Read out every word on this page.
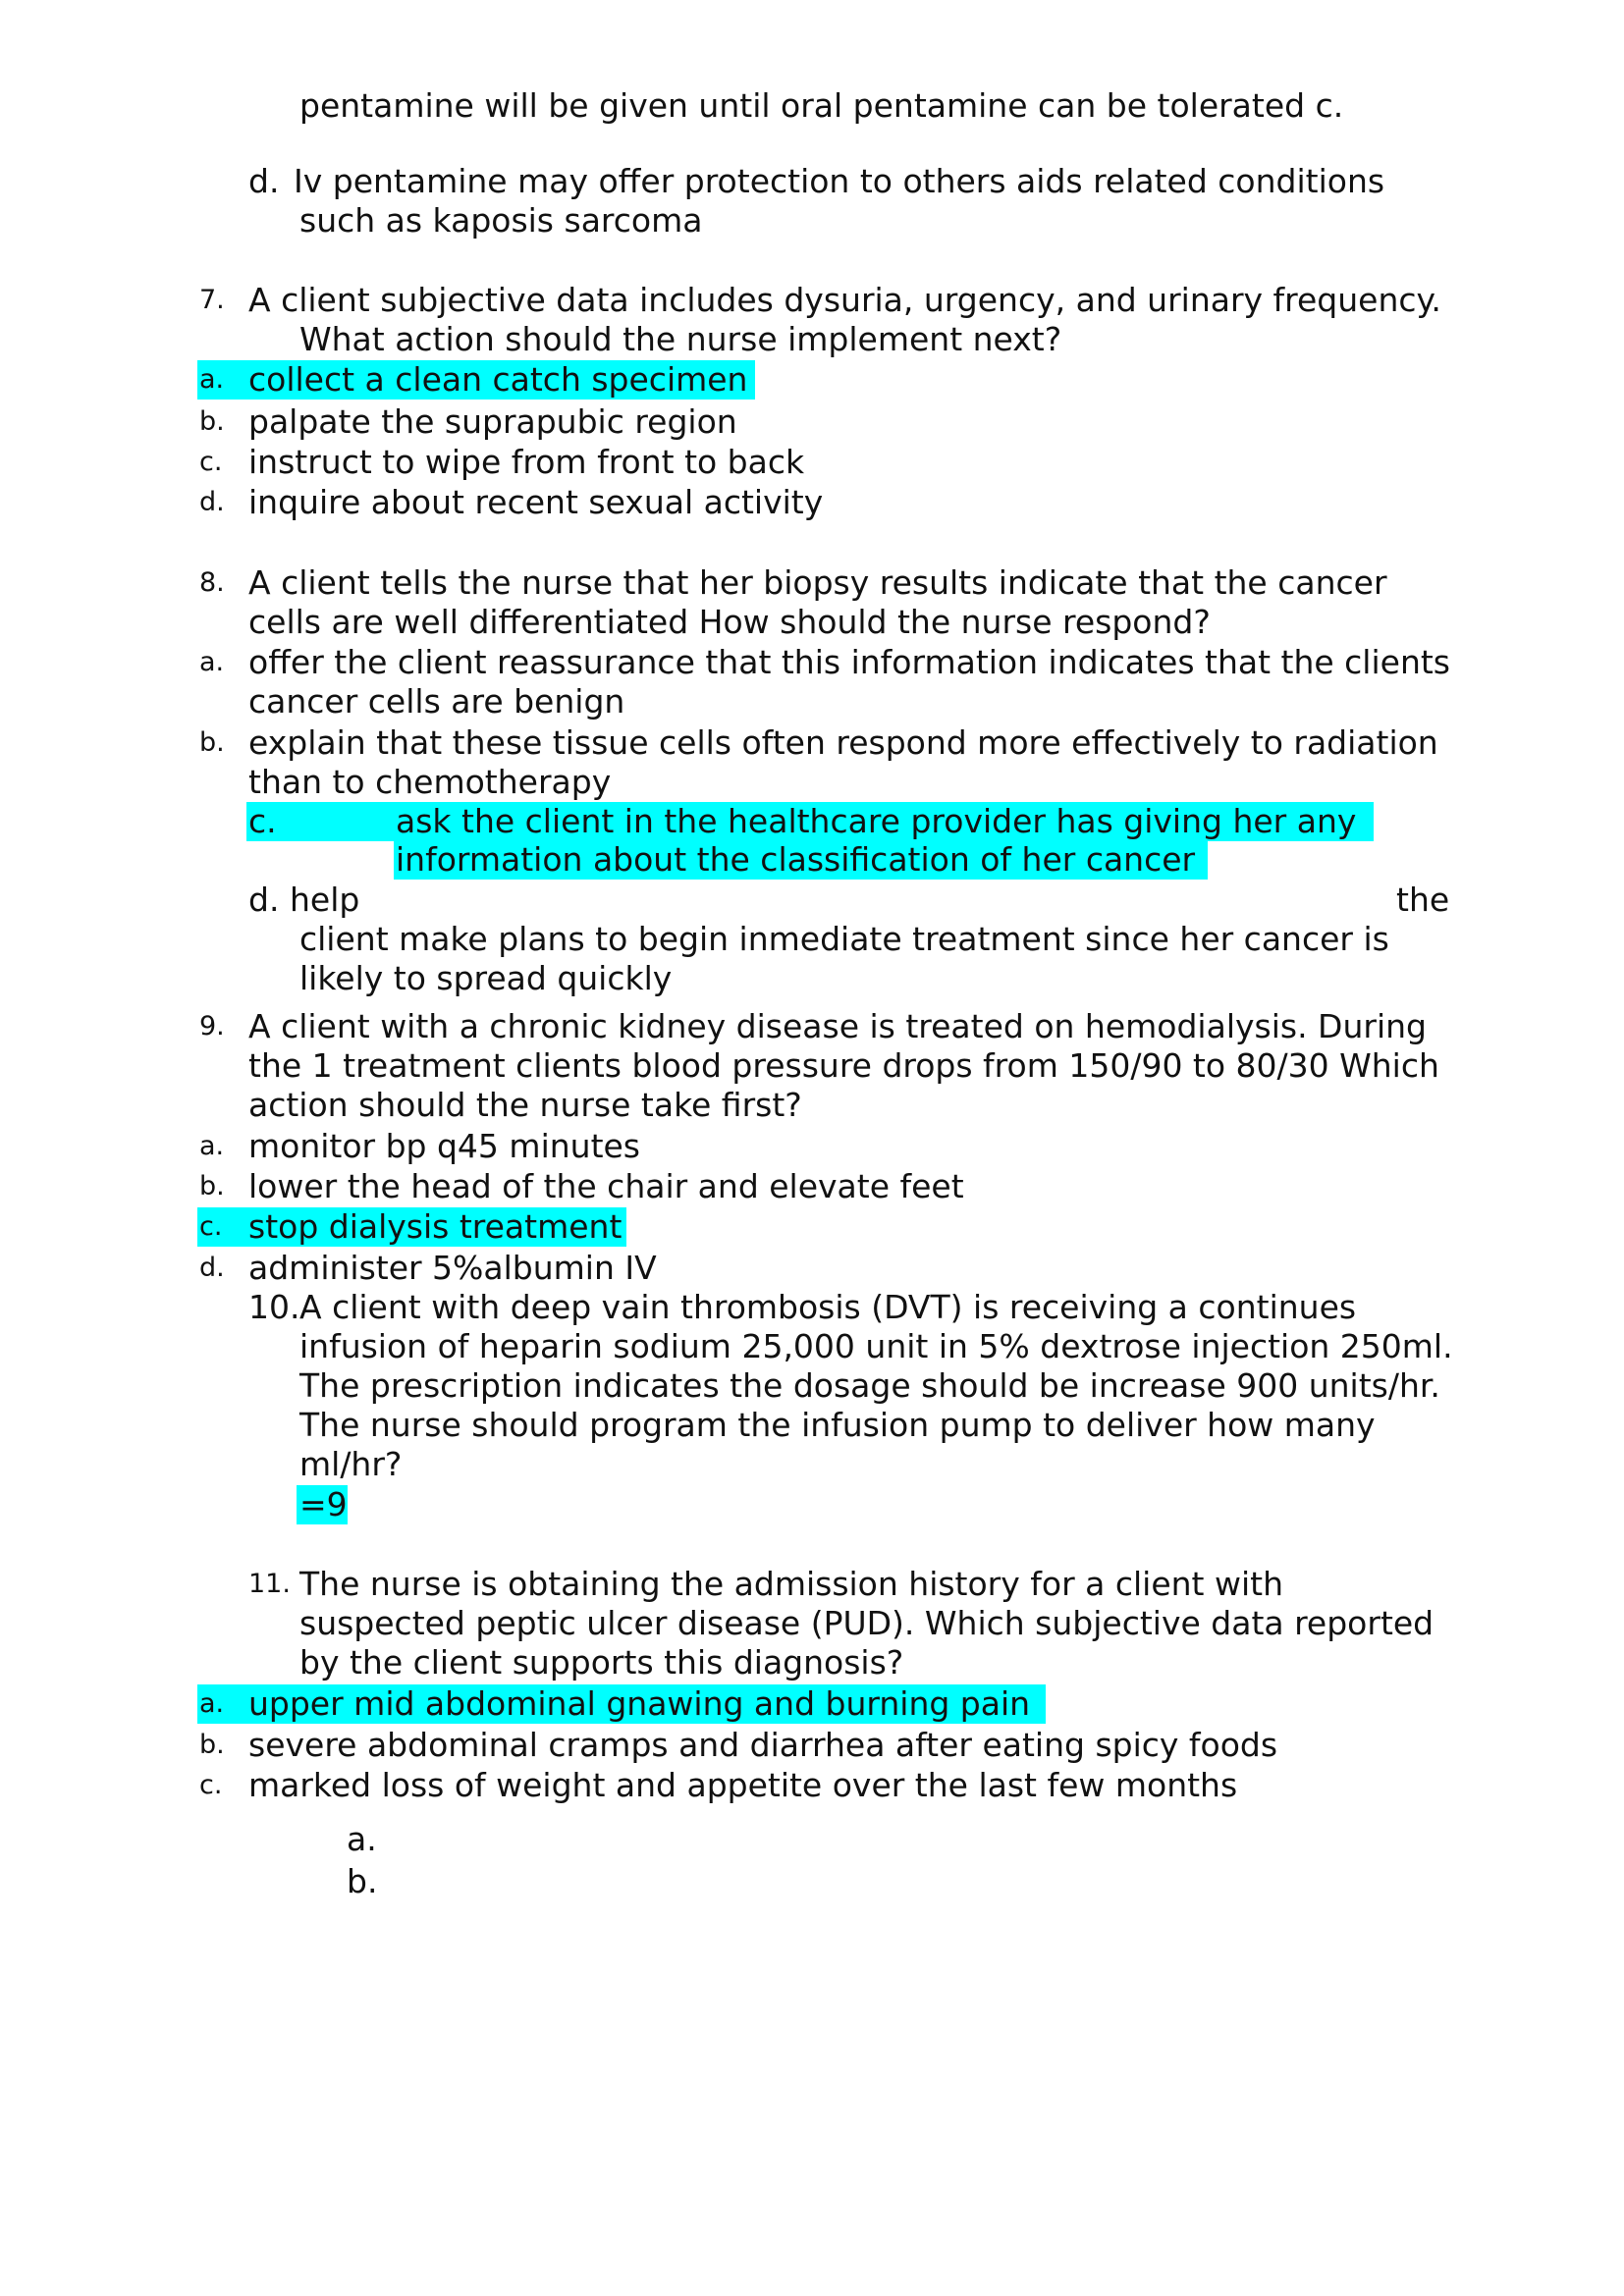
pentamine will be given until oral pentamine can be tolerated c.
d. Iv pentamine may offer protection to others aids related conditions
such as kaposis sarcoma
7. A client subjective data includes dysuria, urgency, and urinary frequency.
What action should the nurse implement next?
a. collect a clean catch specimen
b. palpate the suprapubic region
c. instruct to wipe from front to back
d. inquire about recent sexual activity
8. A client tells the nurse that her biopsy results indicate that the cancer
cells are well differentiated How should the nurse respond?
a. offer the client reassurance that this information indicates that the clients
cancer cells are benign
b. explain that these tissue cells often respond more effectively to radiation
than to chemotherapy
c.	ask the client in the healthcare provider has giving her any
information about the classification of her cancer
d. help	the
client make plans to begin inmediate treatment since her cancer is
likely to spread quickly
9. A client with a chronic kidney disease is treated on hemodialysis. During
the 1 treatment clients blood pressure drops from 150/90 to 80/30 Which
action should the nurse take first?
a. monitor bp q45 minutes
b. lower the head of the chair and elevate feet
c. stop dialysis treatment
d. administer 5%albumin IV
10. A client with deep vain thrombosis (DVT) is receiving a continues
infusion of heparin sodium 25,000 unit in 5% dextrose injection 250ml.
The prescription indicates the dosage should be increase 900 units/hr.
The nurse should program the infusion pump to deliver how many
ml/hr?
=9
11. The nurse is obtaining the admission history for a client with
suspected peptic ulcer disease (PUD). Which subjective data reported
by the client supports this diagnosis?
a. upper mid abdominal gnawing and burning pain
b. severe abdominal cramps and diarrhea after eating spicy foods
c. marked loss of weight and appetite over the last few months
a.
b.
